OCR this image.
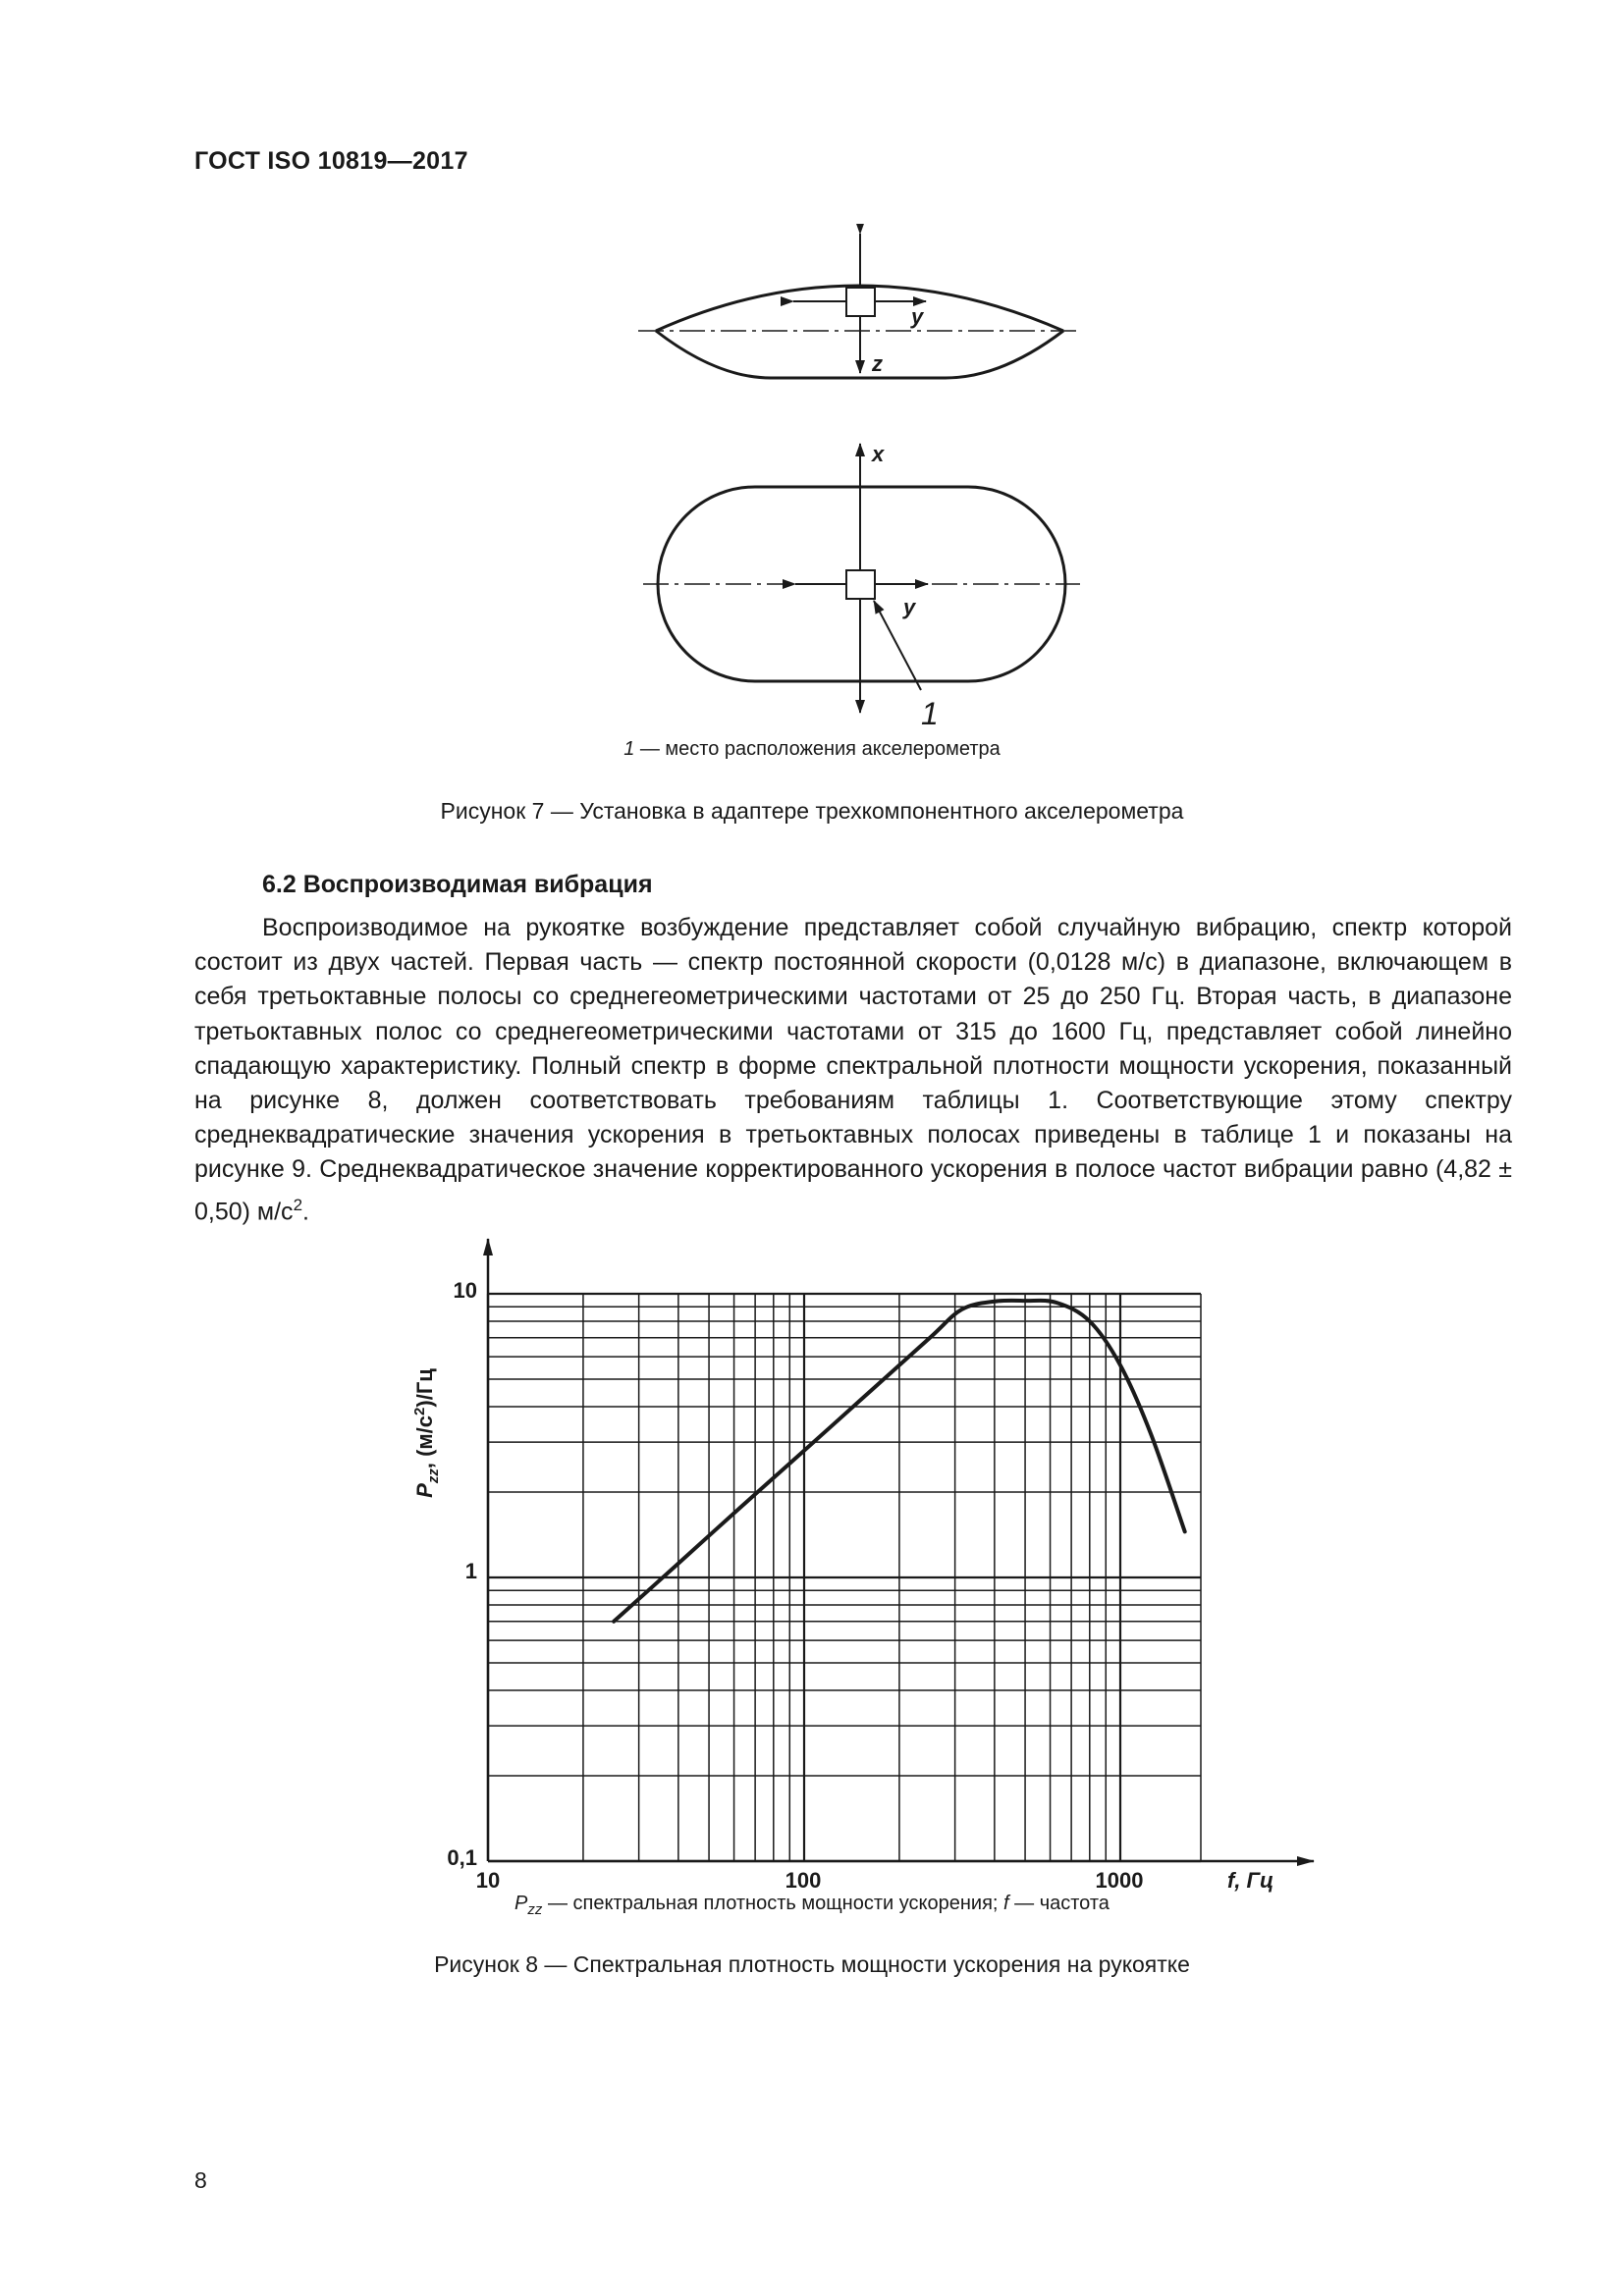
ГОСТ ISO 10819—2017
y
z
x
y
1
1 — место расположения акселерометра
Рисунок 7 — Установка в адаптере трехкомпонентного акселерометра
6.2 Воспроизводимая вибрация
Воспроизводимое на рукоятке возбуждение представляет собой случайную вибрацию, спектр которой состоит из двух частей. Первая часть — спектр постоянной скорости (0,0128 м/с) в диапазоне, включающем в себя третьоктавные полосы со среднегеометрическими частотами от 25 до 250 Гц. Вторая часть, в диапазоне третьоктавных полос со среднегеометрическими частотами от 315 до 1600 Гц, представляет собой линейно спадающую характеристику. Полный спектр в форме спектральной плотности мощности ускорения, показанный на рисунке 8, должен соответствовать требованиям таблицы 1. Соответствующие этому спектру среднеквадратические значения ускорения в третьоктавных полосах приведены в таблице 1 и показаны на рисунке 9. Среднеквадратическое значение корректированного ускорения в полосе частот вибрации равно (4,82 ± 0,50) $м/с^2$.
10
1
0,1
10	100	1000	f, Гц
$P_{zz}$, $(м/с^2)/Гц$
$P_{zz}$ — спектральная плотность мощности ускорения; f — частота
Рисунок 8 — Спектральная плотность мощности ускорения на рукоятке
8
